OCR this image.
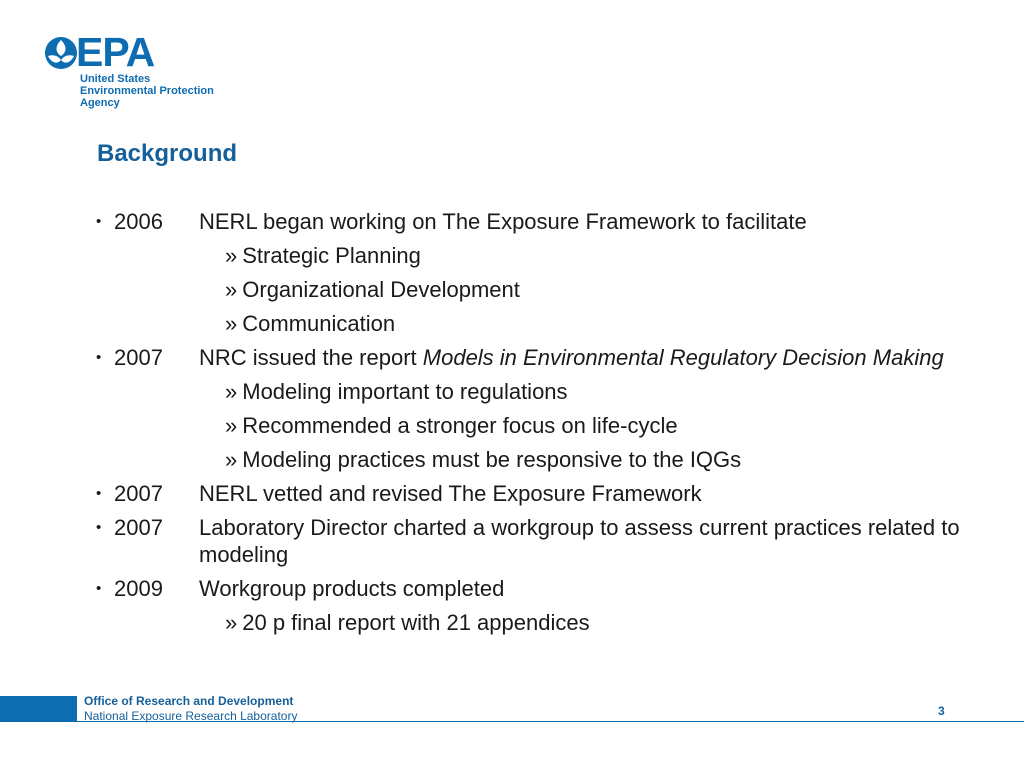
EPA
United States
Environmental Protection
Agency
Background
• 2006	NERL began working on The Exposure Framework to facilitate
» Strategic Planning
» Organizational Development
» Communication
• 2007	NRC issued the report Models in Environmental Regulatory Decision Making
» Modeling important to regulations
» Recommended a stronger focus on life-cycle
» Modeling practices must be responsive to the IQGs
• 2007	NERL vetted and revised The Exposure Framework
• 2007	Laboratory Director charted a workgroup to assess current practices related to modeling
• 2009	Workgroup products completed
» 20 p final report with 21 appendices
Office of Research and Development
National Exposure Research Laboratory	3
